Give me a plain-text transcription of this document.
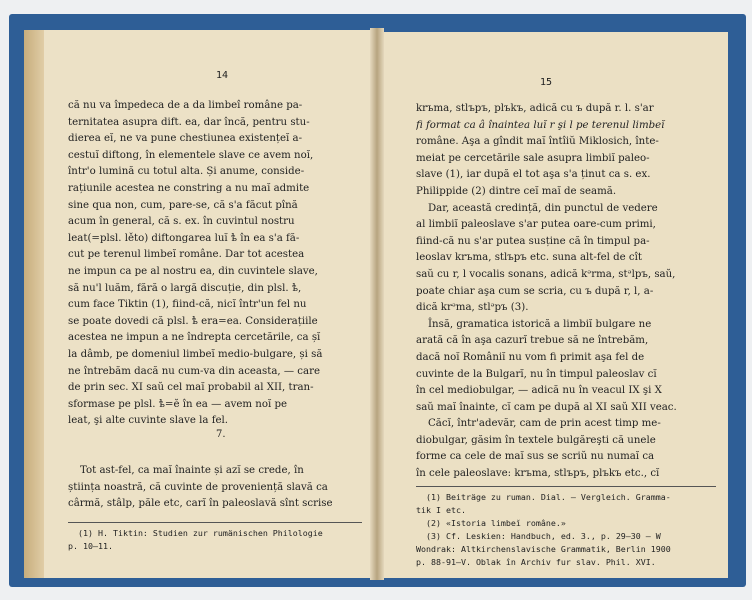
14
că nu va împedeca de a da limbeî române pa-
ternitatea asupra dift. ea, dar încă, pentru stu-
dierea eĭ, ne va pune chestiunea existențeĭ a-
cestuĭ diftong, în elementele slave ce avem noĭ,
într'o lumină cu totul alta. Și anume, conside-
rațiunile acestea ne constring a nu maĭ admite
sine qua non, cum, pare-se, că s'a făcut pînă
acum în general, că s. ex. în cuvintul nostru
leat(=plsl. lěto) diftongarea luĭ ѣ în ea s'a fă-
cut pe terenul limbeĭ române. Dar tot acestea
ne impun ca pe al nostru ea, din cuvintele slave,
să nu'l luăm, fără o largă discuție, din plsl. ѣ,
cum face Tiktin (1), fiind-că, nicĭ într'un fel nu
se poate dovedi că plsl. ѣ era=ea. Considerațiile
acestea ne impun a ne îndrepta cercetările, ca șĭ
la dâmb, pe domeniul limbeĭ medio-bulgare, și să
ne întrebăm dacă nu cum-va din aceasta, — care
de prin sec. XI saŭ cel maĭ probabil al XII, tran-
sformase pe plsl. ѣ=ĕ în ea — avem noĭ pe
leat, şi alte cuvinte slave la fel.
7.
Tot ast-fel, ca maĭ înainte și azĭ se crede, în
știința noastră, că cuvinte de proveniență slavă ca
cârmă, stâlp, păle etc, carĭ în paleoslavă sînt scrise
(1) H. Tiktin: Studien zur rumänischen Philologie
p. 10—11.
15
krъma, stlъpъ, plъkъ, adică cu ъ după r. l. s'ar
fi format ca â înaintea luĭ r şi l pe terenul limbeĭ
române. Aşa a gîndit maĭ întîiŭ Miklosich, înte-
meiat pe cercetările sale asupra limbiĭ paleo-
slave (1), iar după el tot aşa s'a ținut ca s. ex.
Philippide (2) dintre ceĭ maĭ de seamă.
Dar, această credință, din punctul de vedere
al limbiĭ paleoslave s'ar putea oare-cum primi,
fiind-că nu s'ar putea susține că în timpul pa-
leoslav krъma, stlъpъ etc. suna alt-fel de cît
saŭ cu r, l vocalis sonans, adică kᵊrma, stᵊlpъ, saŭ,
poate chiar aşa cum se scria, cu ъ după r, l, a-
dică krᵊma, stlᵊpъ (3).
Însă, gramatica istorică a limbiĭ bulgare ne
arată că în aşa cazurĭ trebue să ne întrebăm,
dacă noĭ Româniĭ nu vom fi primit aşa fel de
cuvinte de la Bulgarĭ, nu în timpul paleoslav cĭ
în cel mediobulgar, — adică nu în veacul IX şi X
saŭ maĭ înainte, cĭ cam pe după al XI saŭ XII veac.
Căcĭ, într'adevăr, cam de prin acest timp me-
diobulgar, găsim în textele bulgăreşti că unele
forme ca cele de maĭ sus se scriŭ nu numaĭ ca
în cele paleoslave: krъma, stlъpъ, plъkъ etc., cĭ
(1) Beiträge zu ruman. Dial. — Vergleich. Gramma-
tik I etc.
(2) «Istoria limbeĭ române.»
(3) Cf. Leskien: Handbuch, ed. 3., p. 29—30 — W
Wondrak: Altkirchenslavische Grammatik, Berlin 1900
p. 88-91—V. Oblak în Archiv fur slav. Phil. XVI.
